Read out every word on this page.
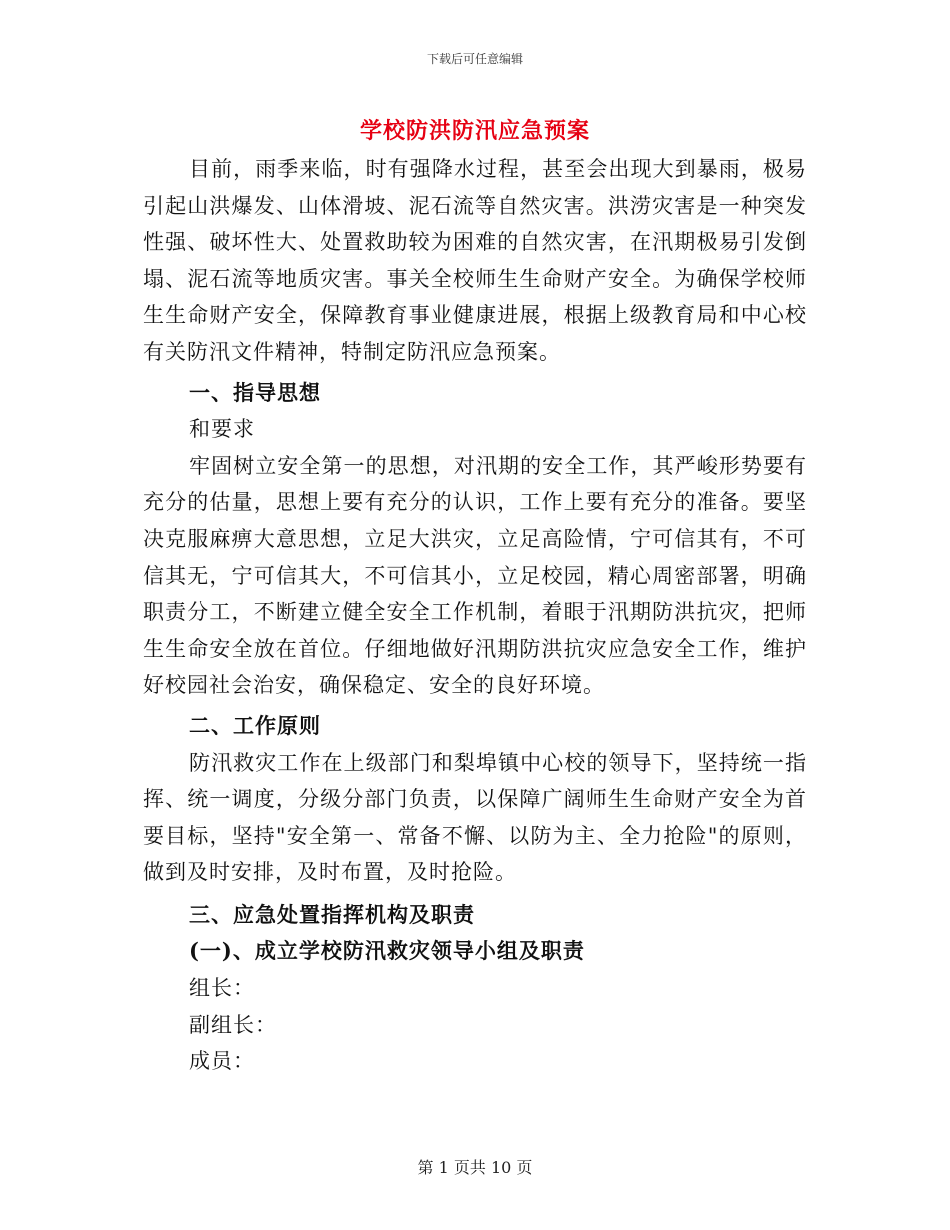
下载后可任意编辑
学校防洪防汛应急预案

目前，雨季来临，时有强降水过程，甚至会出现大到暴雨，极易引起山洪爆发、山体滑坡、泥石流等自然灾害。洪涝灾害是一种突发性强、破坏性大、处置救助较为困难的自然灾害，在汛期极易引发倒塌、泥石流等地质灾害。事关全校师生生命财产安全。为确保学校师生生命财产安全，保障教育事业健康进展，根据上级教育局和中心校有关防汛文件精神，特制定防汛应急预案。

一、指导思想

和要求

牢固树立安全第一的思想，对汛期的安全工作，其严峻形势要有充分的估量，思想上要有充分的认识，工作上要有充分的准备。要坚决克服麻痹大意思想，立足大洪灾，立足高险情，宁可信其有，不可信其无，宁可信其大，不可信其小，立足校园，精心周密部署，明确职责分工，不断建立健全安全工作机制，着眼于汛期防洪抗灾，把师生生命安全放在首位。仔细地做好汛期防洪抗灾应急安全工作，维护好校园社会治安，确保稳定、安全的良好环境。

二、工作原则

防汛救灾工作在上级部门和梨埠镇中心校的领导下，坚持统一指挥、统一调度，分级分部门负责，以保障广阔师生生命财产安全为首要目标，坚持"安全第一、常备不懈、以防为主、全力抢险"的原则，做到及时安排，及时布置，及时抢险。

三、应急处置指挥机构及职责

(一)、成立学校防汛救灾领导小组及职责

组长：

副组长：

成员：

第 1 页共 10 页
